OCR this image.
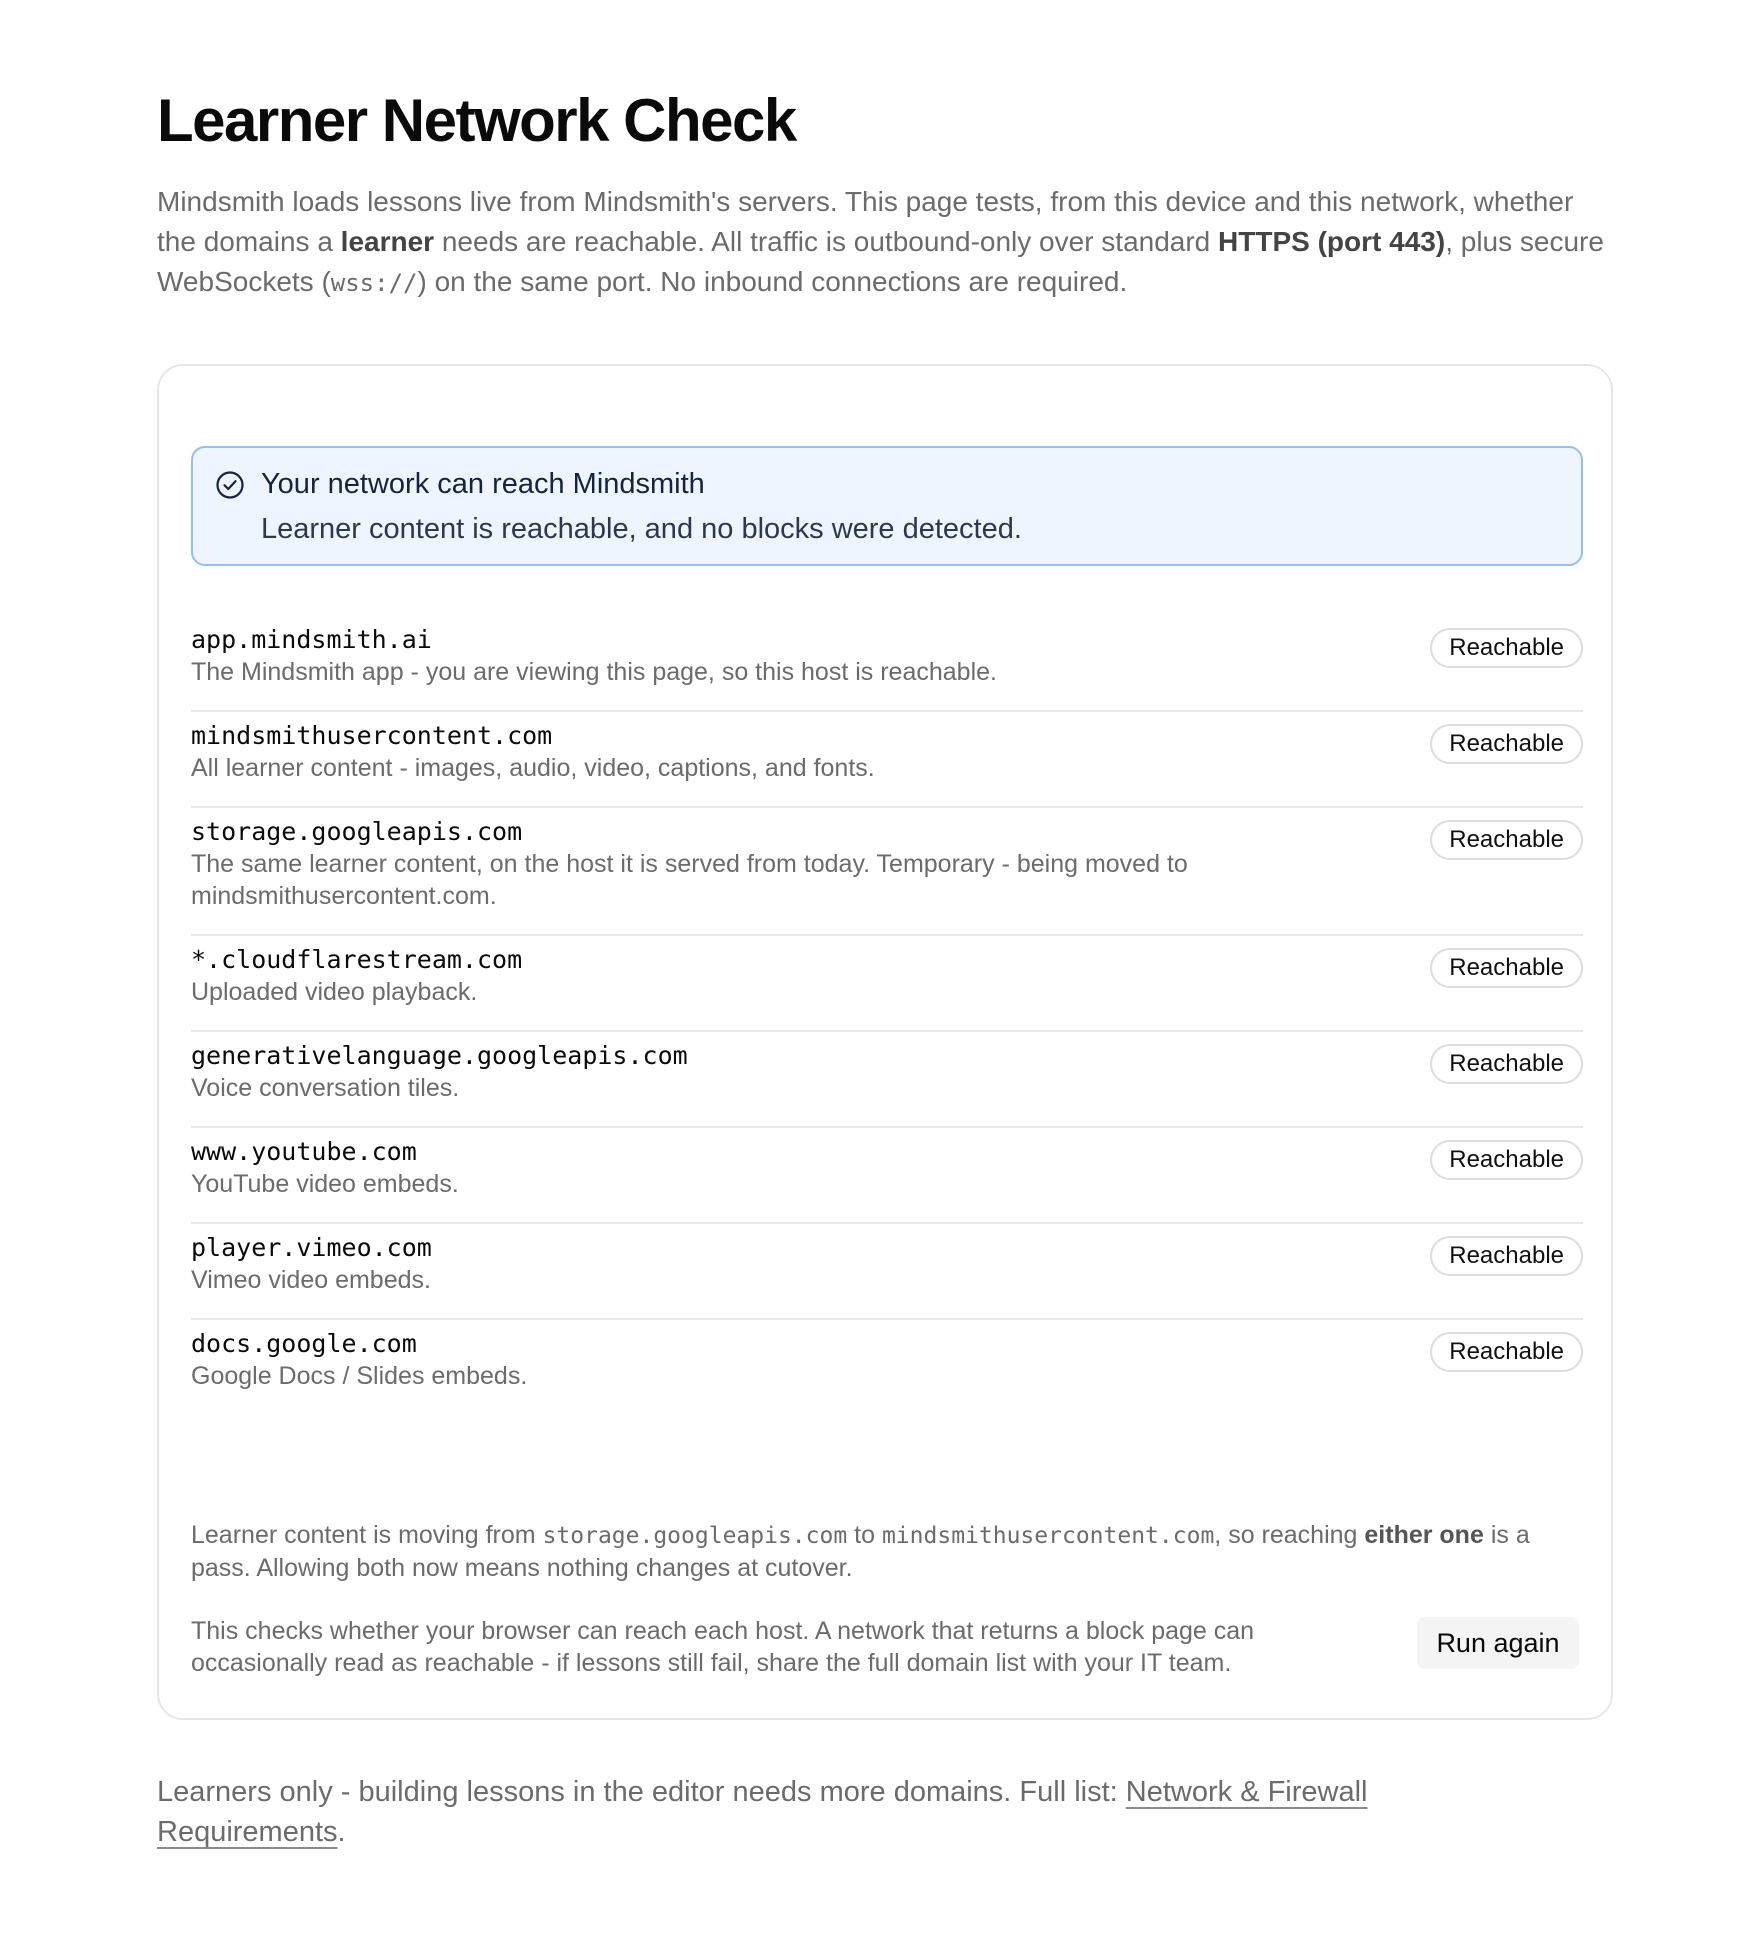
Learner Network Check

Mindsmith loads lessons live from Mindsmith's servers. This page tests, from this device and this network, whether the domains a learner needs are reachable. All traffic is outbound-only over standard HTTPS (port 443), plus secure WebSockets (wss://) on the same port. No inbound connections are required.

Your network can reach Mindsmith
Learner content is reachable, and no blocks were detected.
app.mindsmith.ai
The Mindsmith app - you are viewing this page, so this host is reachable.
Reachable
mindsmithusercontent.com
All learner content - images, audio, video, captions, and fonts.
Reachable
storage.googleapis.com
The same learner content, on the host it is served from today. Temporary - being moved to mindsmithusercontent.com.
Reachable
*.cloudflarestream.com
Uploaded video playback.
Reachable
generativelanguage.googleapis.com
Voice conversation tiles.
Reachable
www.youtube.com
YouTube video embeds.
Reachable
player.vimeo.com
Vimeo video embeds.
Reachable
docs.google.com
Google Docs / Slides embeds.
Reachable

Learner content is moving from storage.googleapis.com to mindsmithusercontent.com, so reaching either one is a pass. Allowing both now means nothing changes at cutover.

This checks whether your browser can reach each host. A network that returns a block page can occasionally read as reachable - if lessons still fail, share the full domain list with your IT team.

Run again

Learners only - building lessons in the editor needs more domains. Full list: Network & Firewall Requirements.
